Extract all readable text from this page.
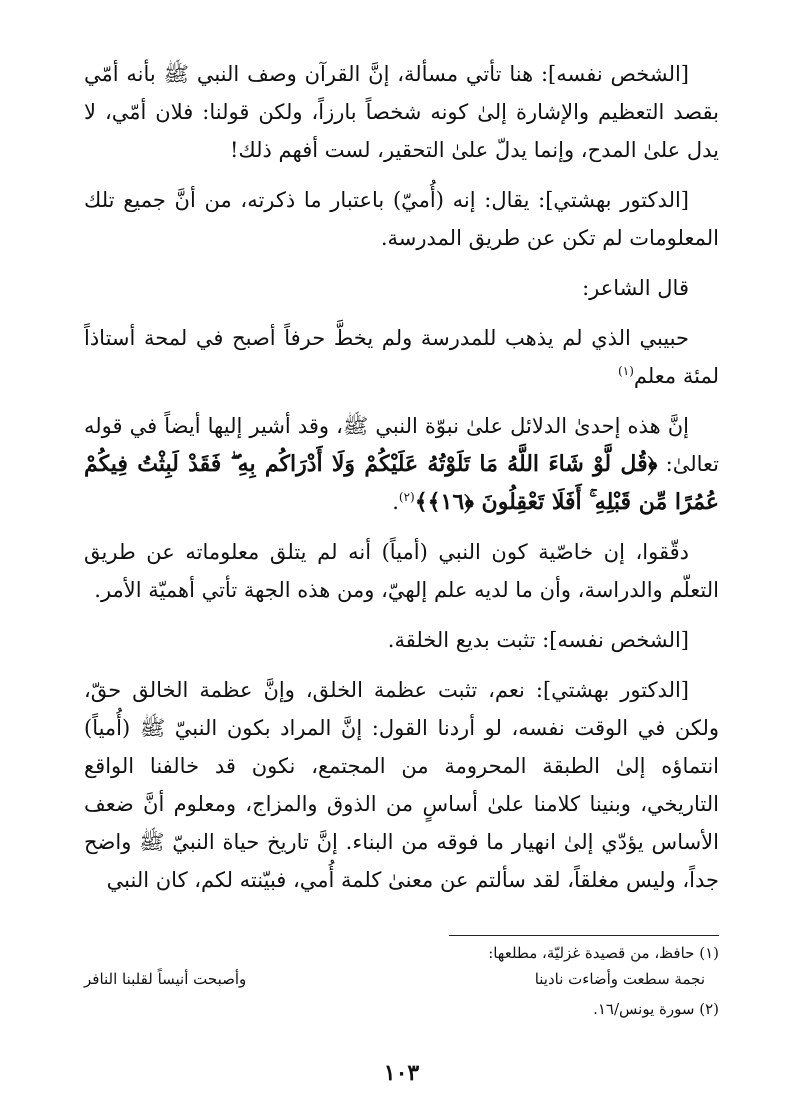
[الشخص نفسه]: هنا تأتي مسألة، إنَّ القرآن وصف النبي ﷺ بأنه أمّي بقصد التعظيم والإشارة إلىٰ كونه شخصاً بارزاً، ولكن قولنا: فلان أمّي، لا يدل علىٰ المدح، وإنما يدلّ علىٰ التحقير، لست أفهم ذلك!

[الدكتور بهشتي]: يقال: إنه (أُميّ) باعتبار ما ذكرته، من أنَّ جميع تلك المعلومات لم تكن عن طريق المدرسة.

قال الشاعر:

حبيبي الذي لم يذهب للمدرسة ولم يخطَّ حرفاً أصبح في لمحة أستاذاً لمئة معلم$^{(١)}$

إنَّ هذه إحدىٰ الدلائل علىٰ نبوّة النبي ﷺ، وقد أشير إليها أيضاً في قوله تعالىٰ: ﴿قُل لَّوْ شَاءَ اللَّهُ مَا تَلَوْتُهُ عَلَيْكُمْ وَلَا أَدْرَاكُم بِهِ ۖ فَقَدْ لَبِثْتُ فِيكُمْ عُمُرًا مِّن قَبْلِهِ ۚ أَفَلَا تَعْقِلُونَ ﴿١٦﴾﴾$^{(٢)}$.

دقّقوا، إن خاصّية كون النبي (أمياً) أنه لم يتلق معلوماته عن طريق التعلّم والدراسة، وأن ما لديه علم إلهيّ، ومن هذه الجهة تأتي أهميّة الأمر.

[الشخص نفسه]: تثبت بديع الخلقة.

[الدكتور بهشتي]: نعم، تثبت عظمة الخلق، وإنَّ عظمة الخالق حقّ، ولكن في الوقت نفسه، لو أردنا القول: إنَّ المراد بكون النبيّ ﷺ (أُمياً) انتماؤه إلىٰ الطبقة المحرومة من المجتمع، نكون قد خالفنا الواقع التاريخي، وبنينا كلامنا علىٰ أساسٍ من الذوق والمزاج، ومعلوم أنَّ ضعف الأساس يؤدّي إلىٰ انهيار ما فوقه من البناء. إنَّ تاريخ حياة النبيّ ﷺ واضح جداً، وليس مغلقاً، لقد سألتم عن معنىٰ كلمة أُمي، فبيّنته لكم، كان النبي

(١) حافظ، من قصيدة غزليّة، مطلعها:

نجمة سطعت وأضاءت نادينا
وأصبحت أنيساً لقلبنا النافر

(٢) سورة يونس/١٦.

١٠٣
